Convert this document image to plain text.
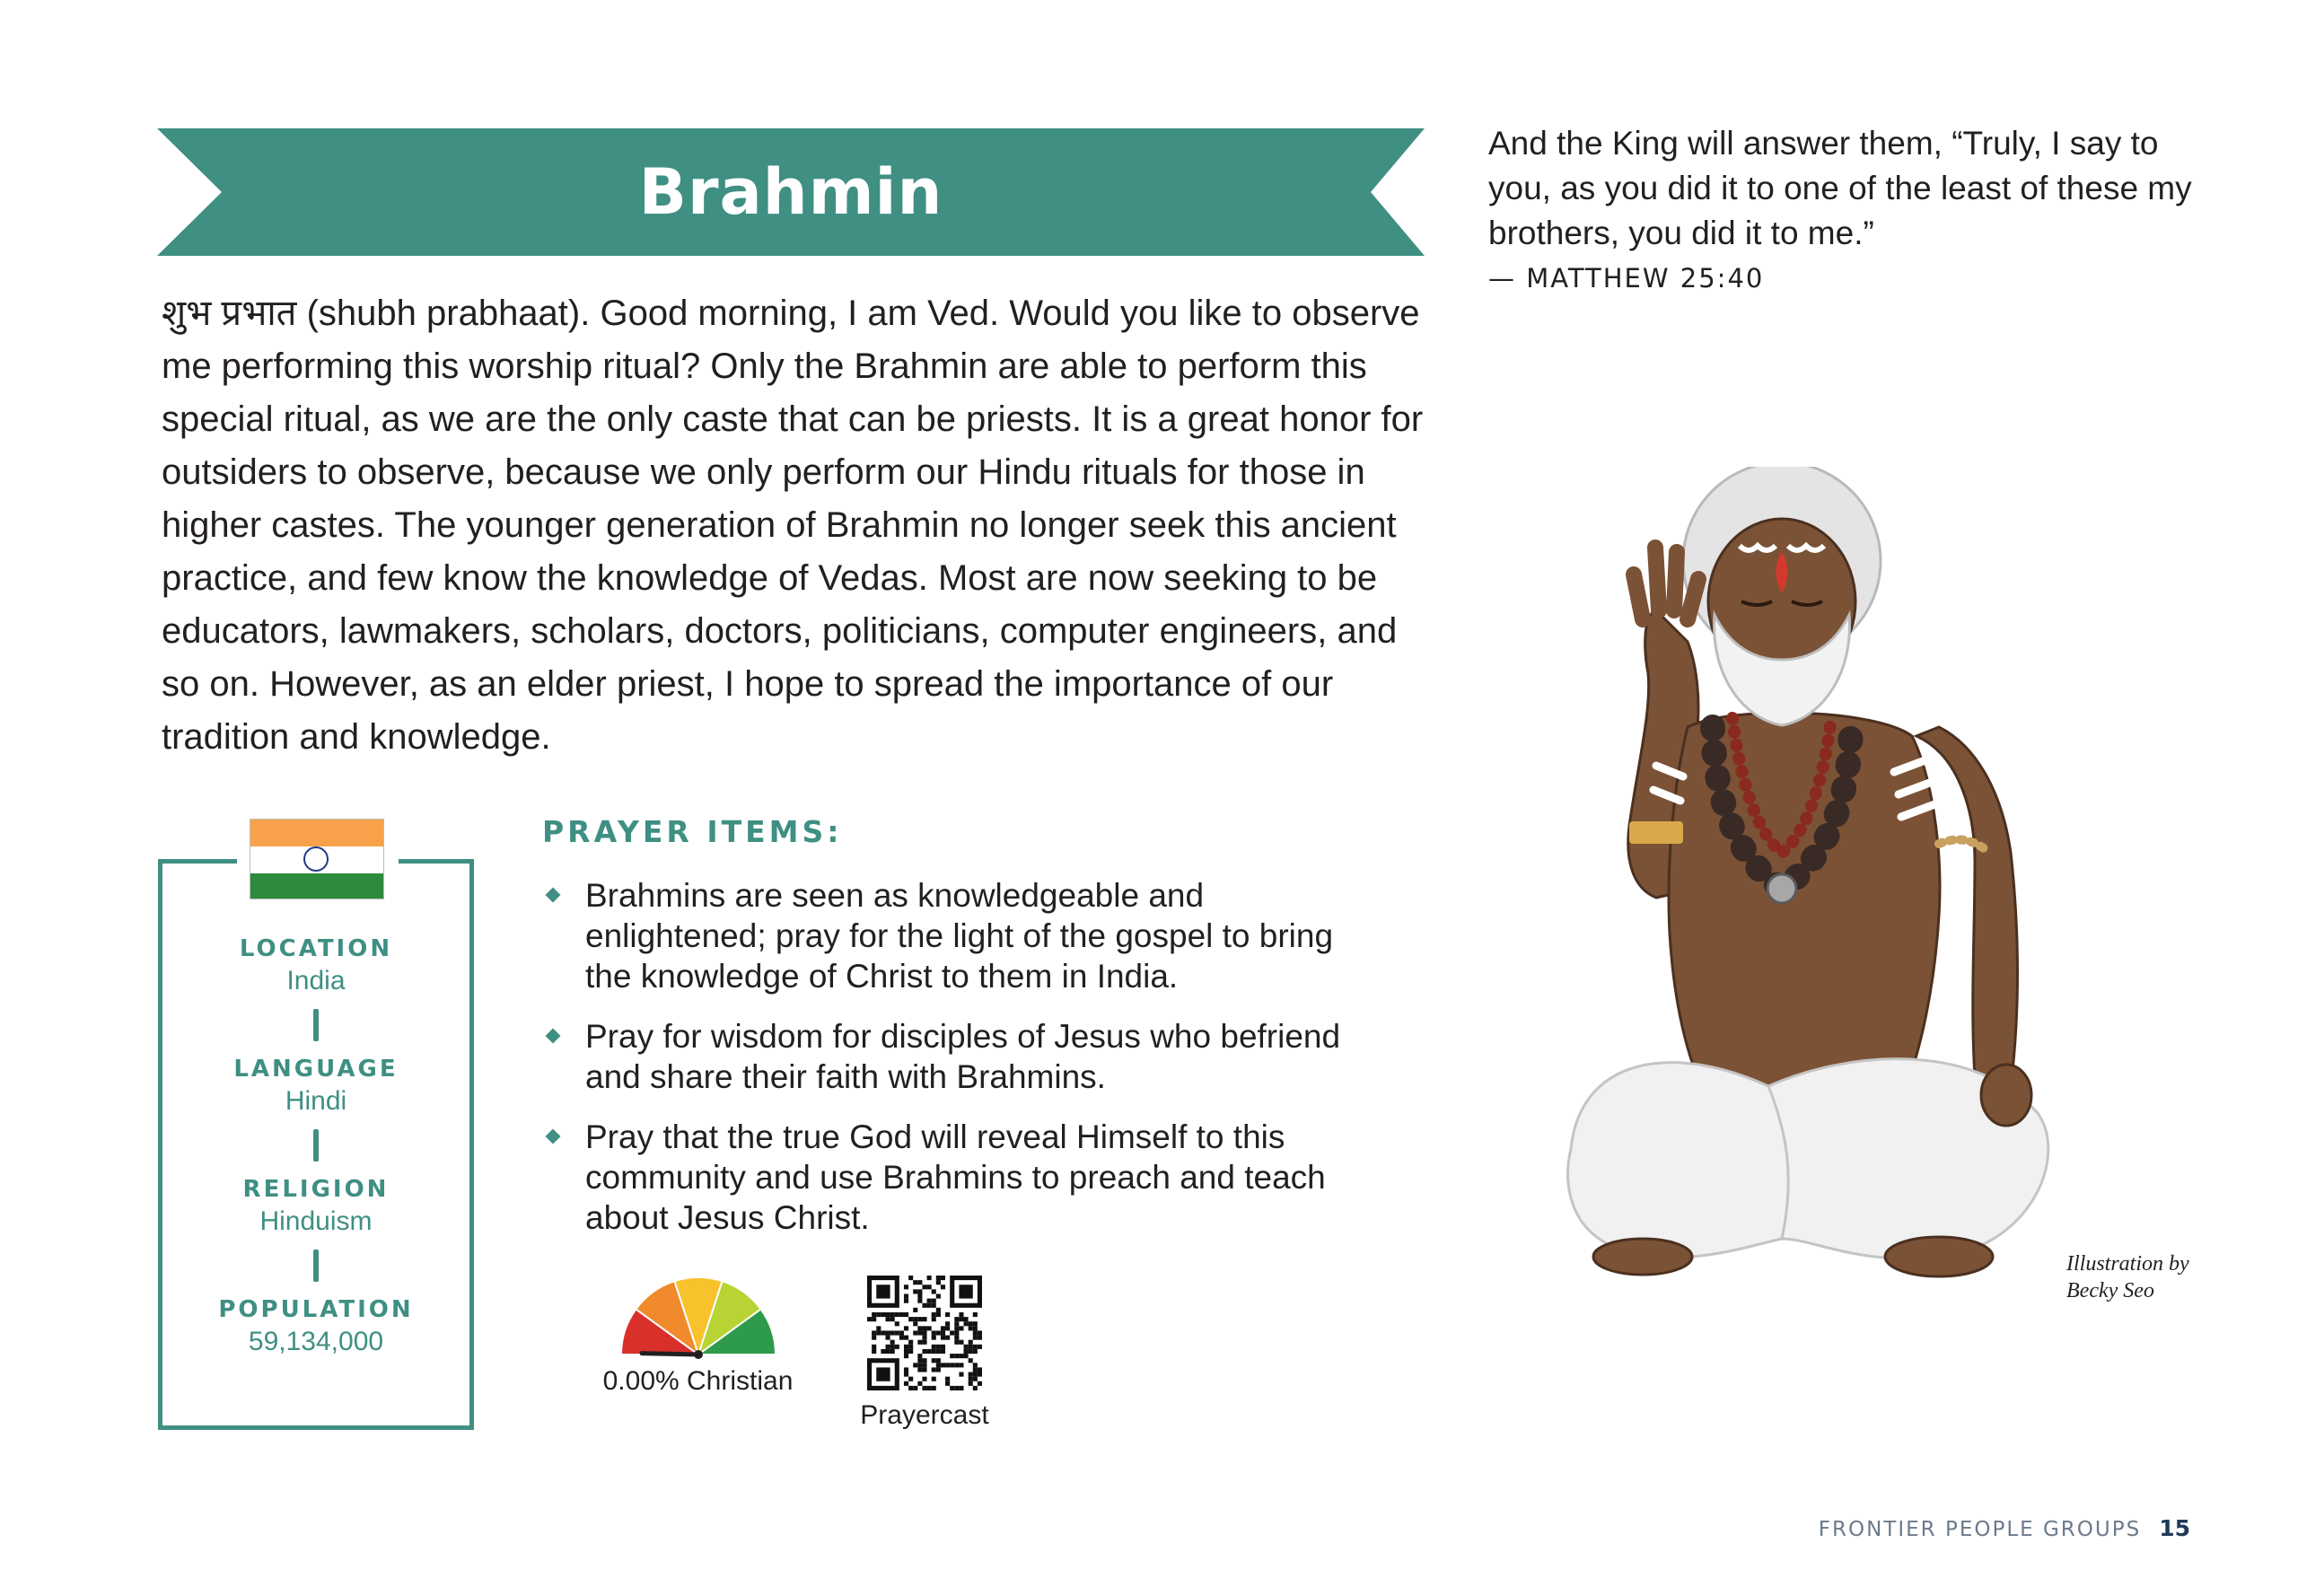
Brahmin

शुभ प्रभात (shubh prabhaat). Good morning, I am Ved. Would you like to observe me performing this worship ritual? Only the Brahmin are able to perform this special ritual, as we are the only caste that can be priests. It is a great honor for outsiders to observe, because we only perform our Hindu rituals for those in higher castes. The younger generation of Brahmin no longer seek this ancient practice, and few know the knowledge of Vedas. Most are now seeking to be educators, lawmakers, scholars, doctors, politicians, computer engineers, and so on. However, as an elder priest, I hope to spread the importance of our tradition and knowledge.

LOCATION
India
LANGUAGE
Hindi
RELIGION
Hinduism
POPULATION
59,134,000
PRAYER ITEMS:
Brahmins are seen as knowledgeable and enlightened; pray for the light of the gospel to bring the knowledge of Christ to them in India.
Pray for wisdom for disciples of Jesus who befriend and share their faith with Brahmins.
Pray that the true God will reveal Himself to this community and use Brahmins to preach and teach about Jesus Christ.
0.00% Christian
Prayercast

And the King will answer them, “Truly, I say to you, as you did it to one of the least of these my brothers, you did it to me.”

— MATTHEW 25:40
Illustration by
Becky Seo
FRONTIER PEOPLE GROUPS 15
